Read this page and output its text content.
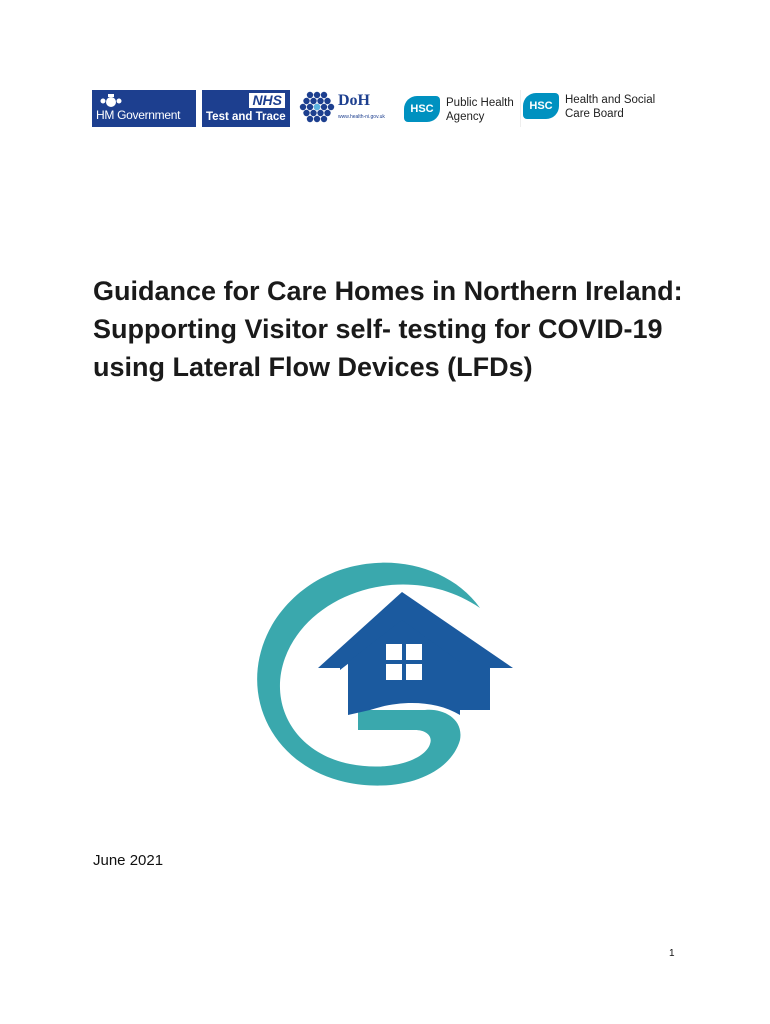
HM Government
NHS
Test and Trace
DoH
www.health-ni.gov.uk
HSC	Public Health
Agency
HSC	Health and Social
Care Board
Guidance for Care Homes in Northern Ireland: Supporting Visitor self- testing for COVID-19 using Lateral Flow Devices (LFDs)
June 2021
1
